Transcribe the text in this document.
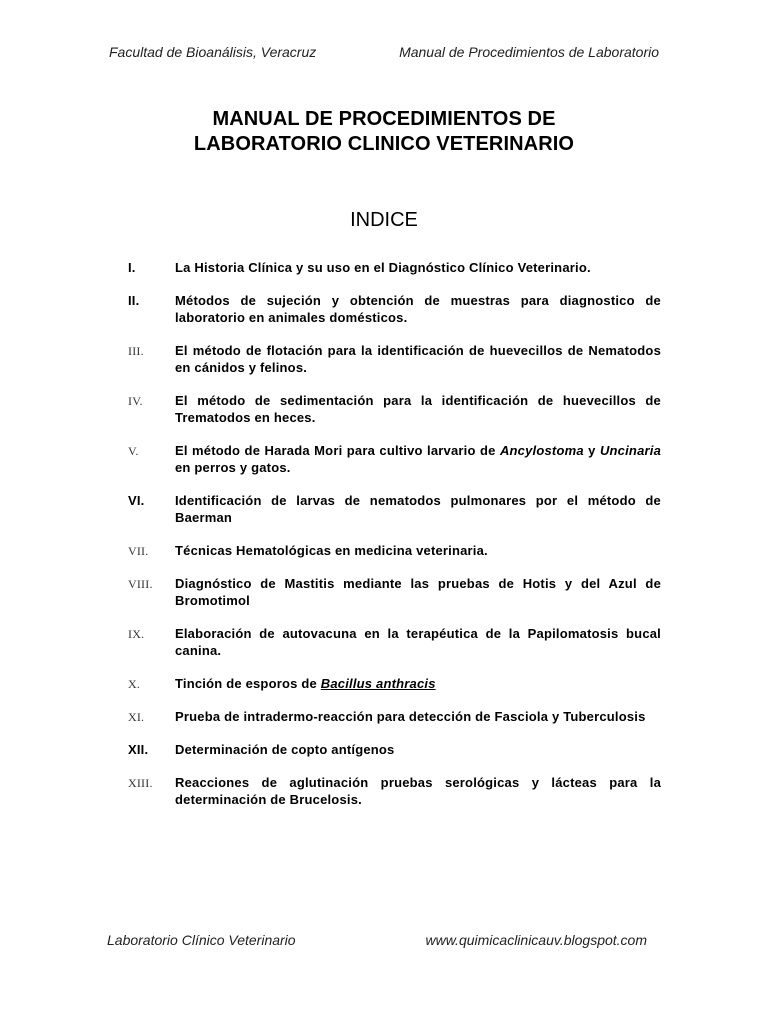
Facultad de Bioanálisis, Veracruz	Manual de Procedimientos de Laboratorio
MANUAL DE PROCEDIMIENTOS DE
LABORATORIO CLINICO VETERINARIO
INDICE
I.	La Historia Clínica y su uso en el Diagnóstico Clínico Veterinario.
II.	Métodos de sujeción y obtención de muestras para diagnostico de laboratorio en animales domésticos.
III. El método de flotación para la identificación de huevecillos de Nematodos en cánidos y felinos.
IV. El método de sedimentación para la identificación de huevecillos de Trematodos en heces.
V.	El método de Harada Mori para cultivo larvario de Ancylostoma y Uncinaria en perros y gatos.
VI. Identificación de larvas de nematodos pulmonares por el método de Baerman
VII. Técnicas Hematológicas en medicina veterinaria.
VIII. Diagnóstico de Mastitis mediante las pruebas de Hotis y del Azul de Bromotimol
IX. Elaboración de autovacuna en la terapéutica de la Papilomatosis bucal canina.
X.	Tinción de esporos de Bacillus anthracis
XI. Prueba de intradermo-reacción para detección de Fasciola y Tuberculosis
XII. Determinación de copto antígenos
XIII. Reacciones de aglutinación pruebas serológicas y lácteas para la determinación de Brucelosis.
Laboratorio Clínico Veterinario	www.quimicaclinicauv.blogspot.com
